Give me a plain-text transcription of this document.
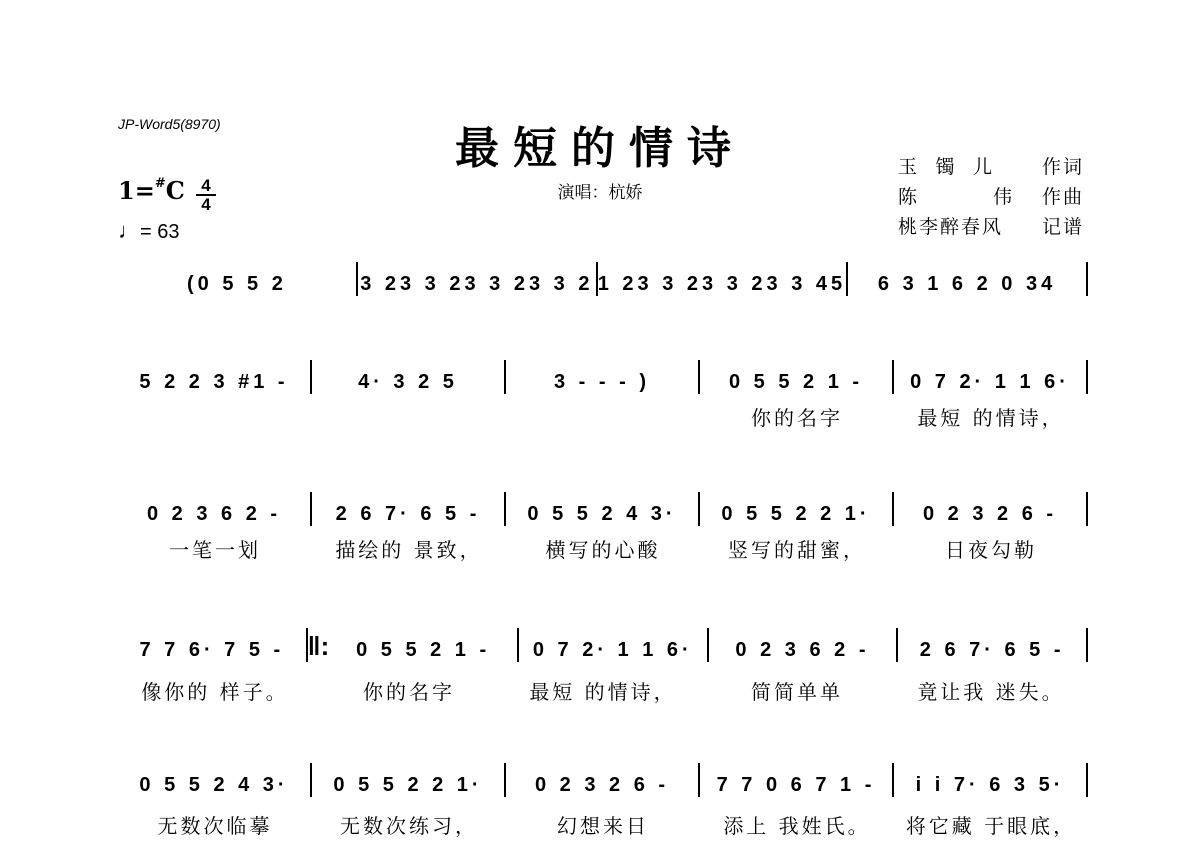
JP-Word5(8970)	最短的情诗
演唱：杭娇
玉 镯 儿	作词
陈	伟 作曲
桃李醉春风 记谱
1=#C 4
4
♩= 63
(0 5 5 2	3 23 3 23 3 23 3 2 1 23 3 23 3 23 3 45	6 3 1 6 2 0 34
5 2 2 3 #1 -	4· 3 2 5	3 - - - )	0 5 5 2 1 -	0 7 2· 1 1 6·
你的名字	最短 的情诗，
0 2 3 6 2 -	2 6 7· 6 5 -	0 5 5 2 4 3·	0 5 5 2 2 1·	0 2 3 2 6 -
一笔一划	描绘的 景致，	横写的心酸	竖写的甜蜜，	日夜勾勒
7 7 6· 7 5 - ‖:	0 5 5 2 1 -	0 7 2· 1 1 6·	0 2 3 6 2 -	2 6 7· 6 5 -
像你的 样子。	你的名字	最短 的情诗，	简简单单	竟让我 迷失。
0 5 5 2 4 3·	0 5 5 2 2 1·	0 2 3 2 6 -	7 7 0 6 7 1 -	i i 7· 6 3 5·
无数次临摹	无数次练习，	幻想来日	添上 我姓氏。	将它藏 于眼底，
